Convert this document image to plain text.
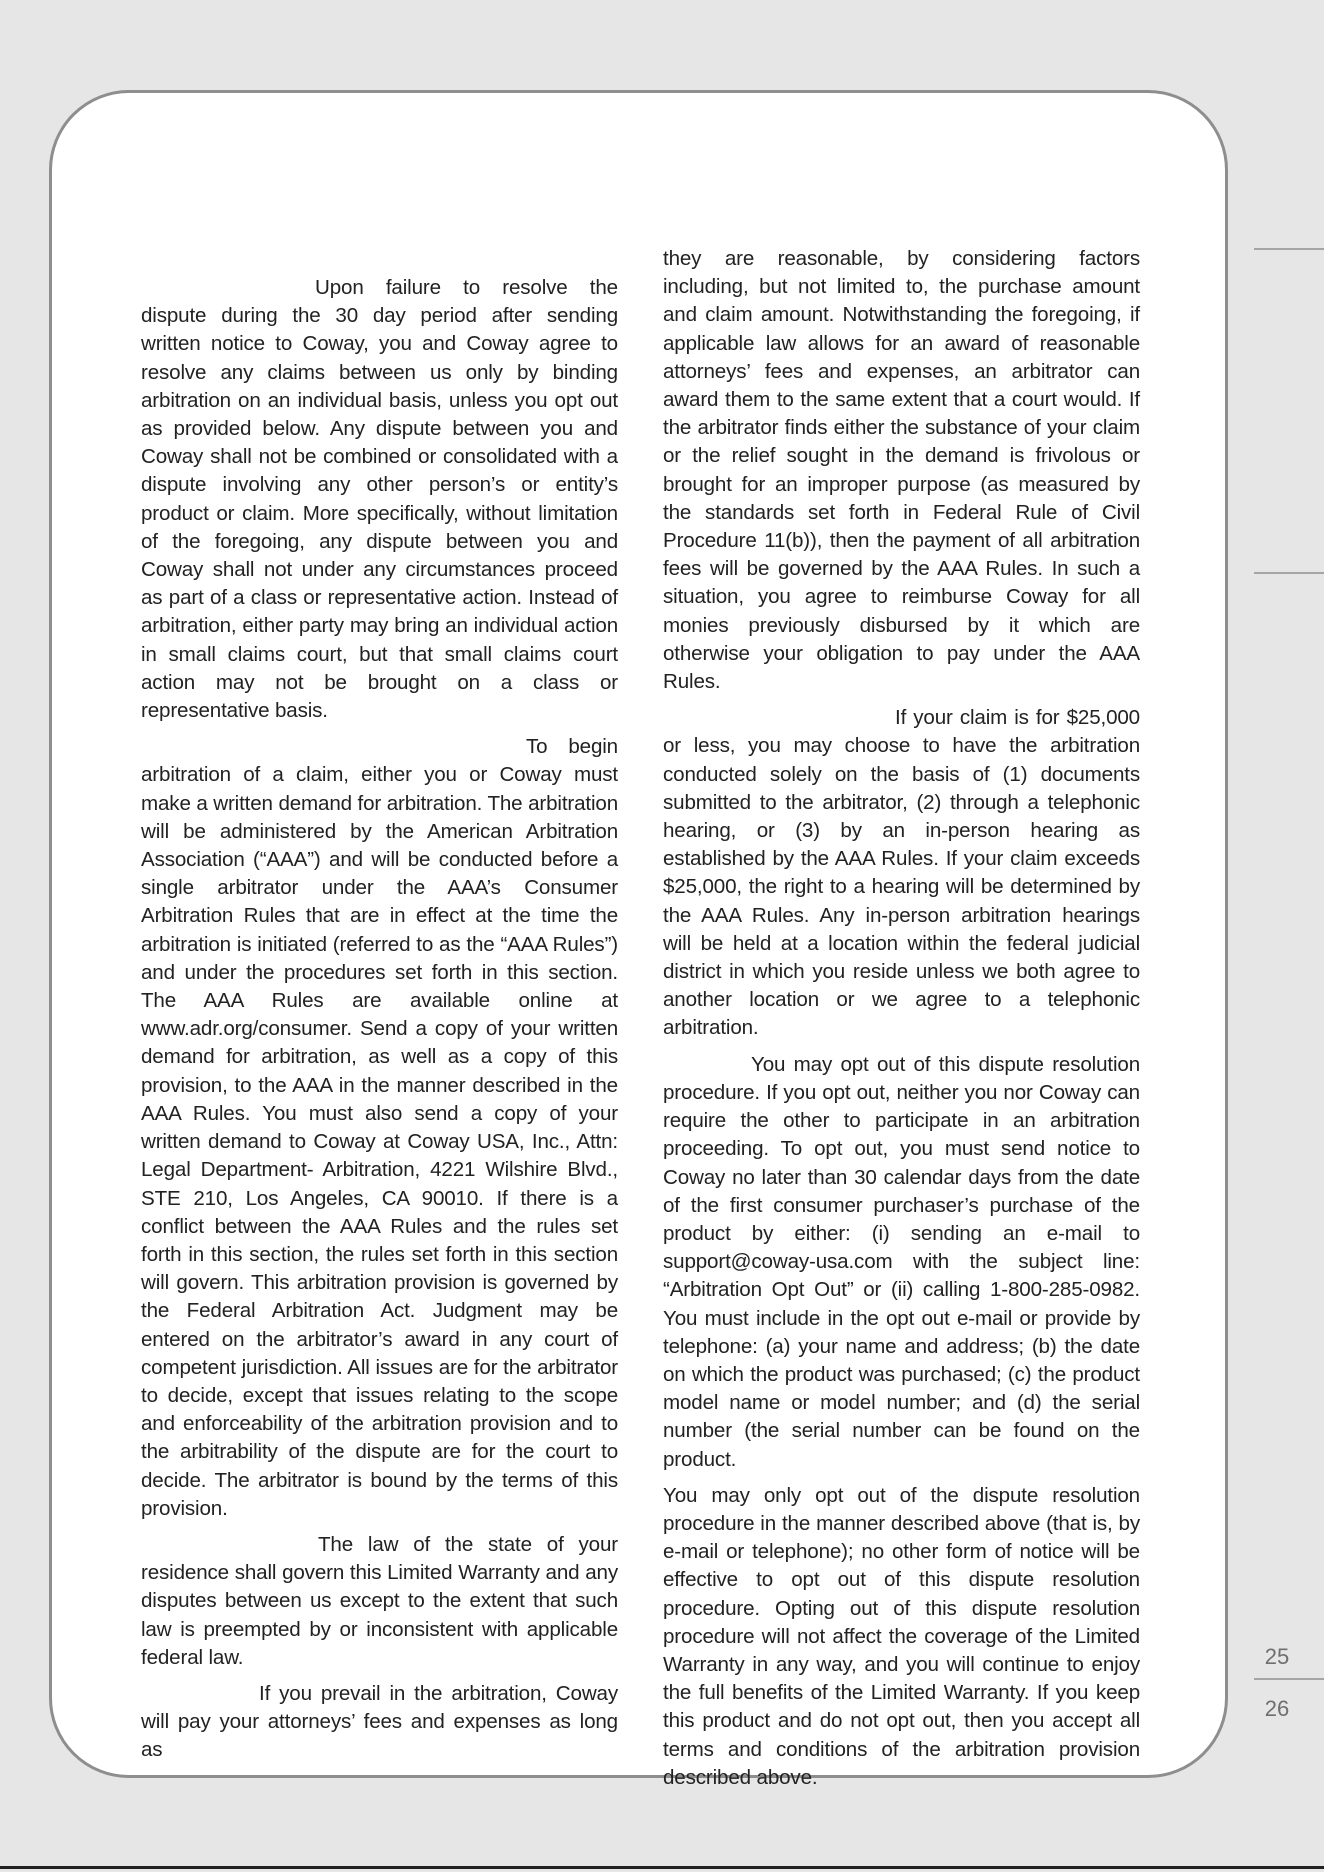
Upon failure to resolve the dispute during the 30 day period after sending written notice to Coway, you and Coway agree to resolve any claims between us only by binding arbitration on an individual basis, unless you opt out as provided below. Any dispute between you and Coway shall not be combined or consolidated with a dispute involving any other person’s or entity’s product or claim. More specifically, without limitation of the foregoing, any dispute between you and Coway shall not under any circumstances proceed as part of a class or representative action. Instead of arbitration, either party may bring an individual action in small claims court, but that small claims court action may not be brought on a class or representative basis.

To begin arbitration of a claim, either you or Coway must make a written demand for arbitration. The arbitration will be administered by the American Arbitration Association (“AAA”) and will be conducted before a single arbitrator under the AAA’s Consumer Arbitration Rules that are in effect at the time the arbitration is initiated (referred to as the “AAA Rules”) and under the procedures set forth in this section. The AAA Rules are available online at www.adr.org/consumer. Send a copy of your written demand for arbitration, as well as a copy of this provision, to the AAA in the manner described in the AAA Rules. You must also send a copy of your written demand to Coway at Coway USA, Inc., Attn: Legal Department- Arbitration, 4221 Wilshire Blvd., STE 210, Los Angeles, CA 90010. If there is a conflict between the AAA Rules and the rules set forth in this section, the rules set forth in this section will govern. This arbitration provision is governed by the Federal Arbitration Act. Judgment may be entered on the arbitrator’s award in any court of competent jurisdiction. All issues are for the arbitrator to decide, except that issues relating to the scope and enforceability of the arbitration provision and to the arbitrability of the dispute are for the court to decide. The arbitrator is bound by the terms of this provision.

The law of the state of your residence shall govern this Limited Warranty and any disputes between us except to the extent that such law is preempted by or inconsistent with applicable federal law.

If you prevail in the arbitration, Coway will pay your attorneys’ fees and expenses as long as

they are reasonable, by considering factors including, but not limited to, the purchase amount and claim amount. Notwithstanding the foregoing, if applicable law allows for an award of reasonable attorneys’ fees and expenses, an arbitrator can award them to the same extent that a court would. If the arbitrator finds either the substance of your claim or the relief sought in the demand is frivolous or brought for an improper purpose (as measured by the standards set forth in Federal Rule of Civil Procedure 11(b)), then the payment of all arbitration fees will be governed by the AAA Rules. In such a situation, you agree to reimburse Coway for all monies previously disbursed by it which are otherwise your obligation to pay under the AAA Rules.

If your claim is for $25,000 or less, you may choose to have the arbitration conducted solely on the basis of (1) documents submitted to the arbitrator, (2) through a telephonic hearing, or (3) by an in-person hearing as established by the AAA Rules. If your claim exceeds $25,000, the right to a hearing will be determined by the AAA Rules. Any in-person arbitration hearings will be held at a location within the federal judicial district in which you reside unless we both agree to another location or we agree to a telephonic arbitration.

You may opt out of this dispute resolution procedure. If you opt out, neither you nor Coway can require the other to participate in an arbitration proceeding. To opt out, you must send notice to Coway no later than 30 calendar days from the date of the first consumer purchaser’s purchase of the product by either: (i) sending an e-mail to support@coway-usa.com with the subject line: “Arbitration Opt Out” or (ii) calling 1-800-285-0982. You must include in the opt out e-mail or provide by telephone: (a) your name and address; (b) the date on which the product was purchased; (c) the product model name or model number; and (d) the serial number (the serial number can be found on the product.

You may only opt out of the dispute resolution procedure in the manner described above (that is, by e-mail or telephone); no other form of notice will be effective to opt out of this dispute resolution procedure. Opting out of this dispute resolution procedure will not affect the coverage of the Limited Warranty in any way, and you will continue to enjoy the full benefits of the Limited Warranty. If you keep this product and do not opt out, then you accept all terms and conditions of the arbitration provision described above.

25
26
